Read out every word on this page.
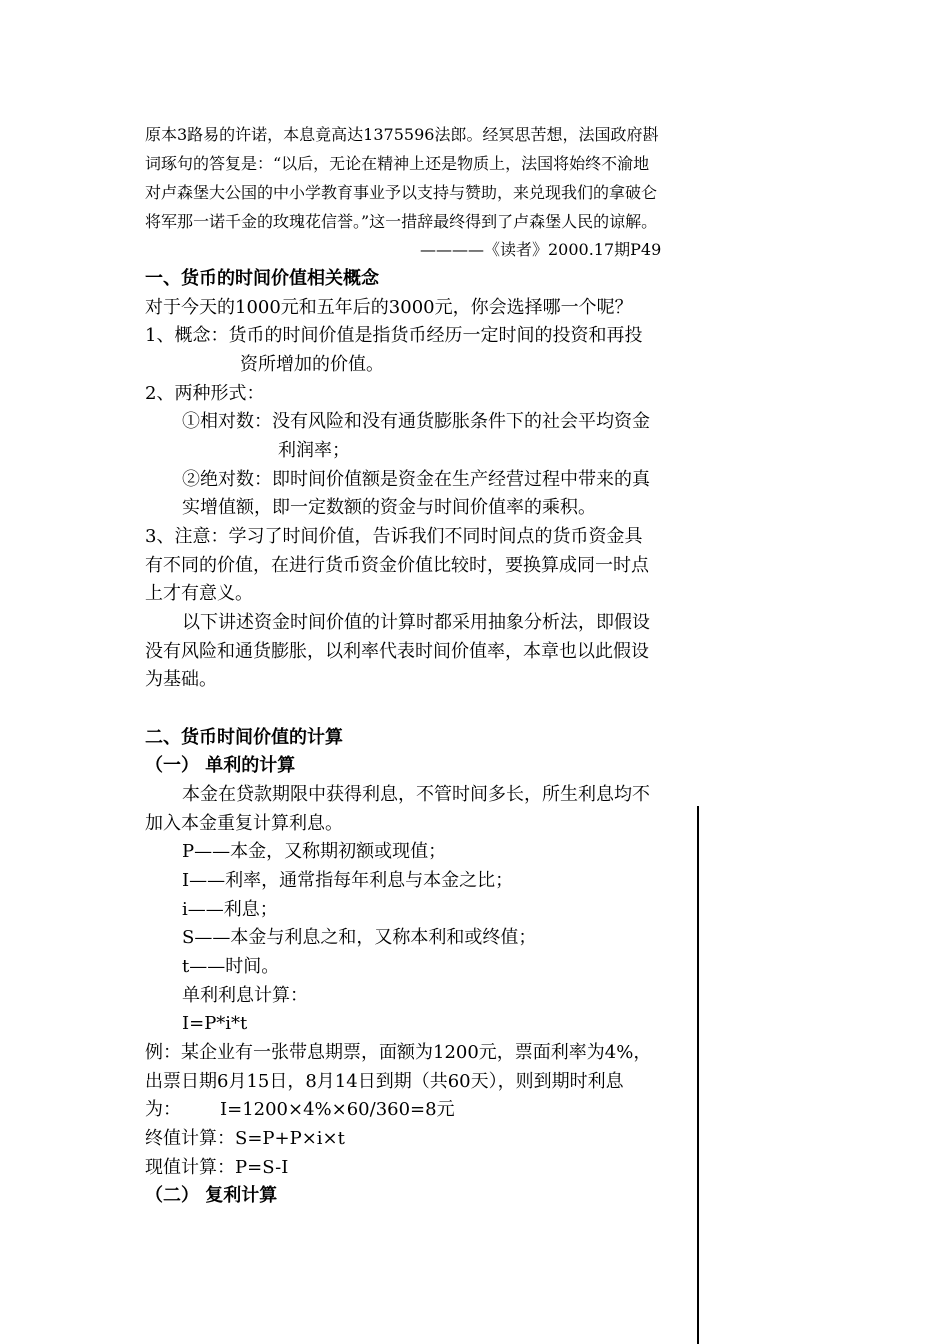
原本3路易的许诺，本息竟高达1375596法郎。经冥思苦想，法国政府斟
词琢句的答复是：“以后，无论在精神上还是物质上，法国将始终不渝地
对卢森堡大公国的中小学教育事业予以支持与赞助，来兑现我们的拿破仑
将军那一诺千金的玫瑰花信誉。”这一措辞最终得到了卢森堡人民的谅解。
————《读者》2000.17期P49
一、货币的时间价值相关概念
对于今天的1000元和五年后的3000元，你会选择哪一个呢？
1、概念：货币的时间价值是指货币经历一定时间的投资和再投
资所增加的价值。
2、两种形式：
①相对数：没有风险和没有通货膨胀条件下的社会平均资金
利润率；
②绝对数：即时间价值额是资金在生产经营过程中带来的真
实增值额，即一定数额的资金与时间价值率的乘积。
3、注意：学习了时间价值，告诉我们不同时间点的货币资金具
有不同的价值，在进行货币资金价值比较时，要换算成同一时点
上才有意义。
以下讲述资金时间价值的计算时都采用抽象分析法，即假设
没有风险和通货膨胀，以利率代表时间价值率，本章也以此假设
为基础。
二、货币时间价值的计算
（一） 单利的计算
本金在贷款期限中获得利息，不管时间多长，所生利息均不
加入本金重复计算利息。
P——本金，又称期初额或现值；
I——利率，通常指每年利息与本金之比；
i——利息；
S——本金与利息之和，又称本利和或终值；
t——时间。
单利利息计算：
I=P*i*t
例：某企业有一张带息期票，面额为1200元，票面利率为4%，
出票日期6月15日，8月14日到期（共60天），则到期时利息
为： I=1200×4%×60/360=8元
终值计算：S=P+P×i×t
现值计算：P=S-I
（二） 复利计算
